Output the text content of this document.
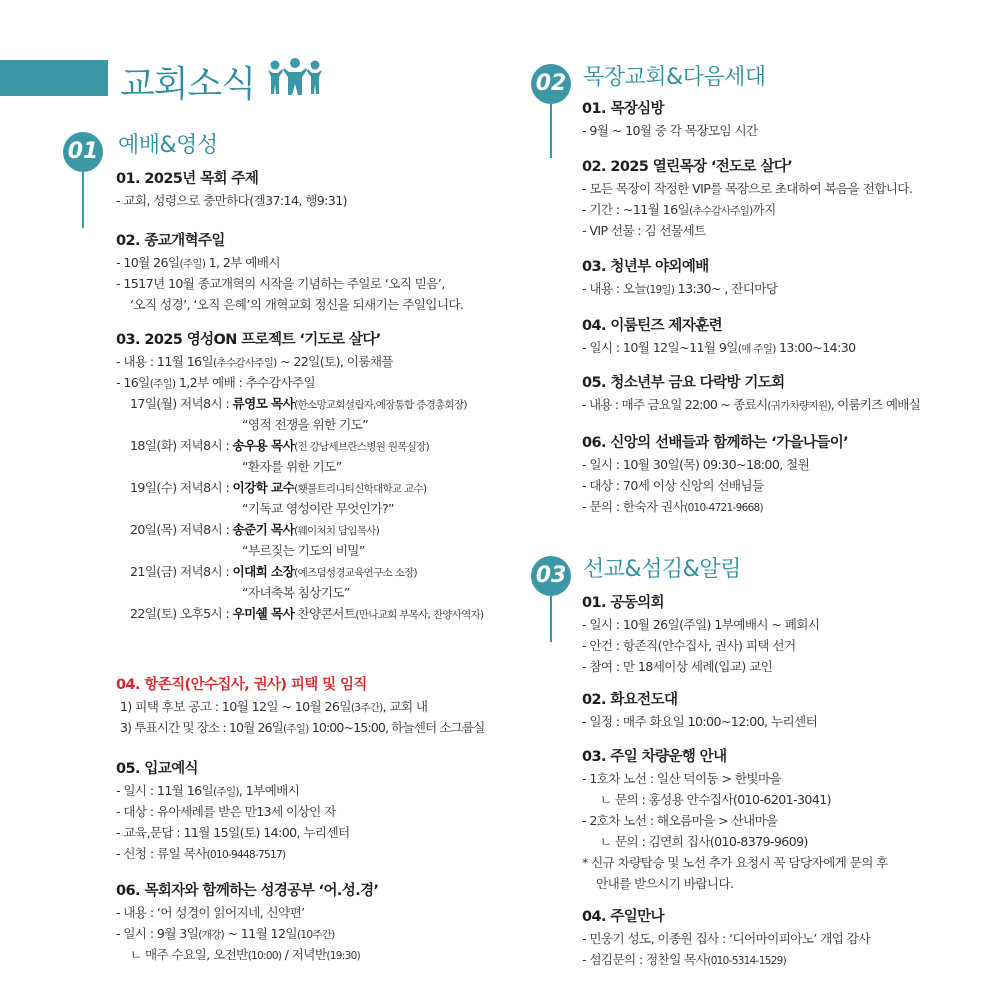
교회소식
01 예배&영성
01. 2025년 목회 주제
- 교회, 성령으로 충만하다(겔37:14, 행9:31)
02. 종교개혁주일
- 10월 26일(주일) 1, 2부 예배시
- 1517년 10월 종교개혁의 시작을 기념하는 주일로 ‘오직 믿음’,
‘오직 성경’, ‘오직 은혜’의 개혁교회 정신을 되새기는 주일입니다.
03. 2025 영성ON 프로젝트 ‘기도로 살다’
- 내용 : 11월 16일(추수감사주일) ~ 22일(토), 이룸채플
- 16일(주일) 1,2부 예배 : 추수감사주일
17일(월) 저녁8시 : 류영모 목사(한소망교회설립자,예장통합 증경총회장)
“영적 전쟁을 위한 기도”
18일(화) 저녁8시 : 송우용 목사(전 강남세브란스병원 원목실장)
“환자를 위한 기도”
19일(수) 저녁8시 : 이강학 교수(횃불트리니티신학대학교 교수)
“기독교 영성이란 무엇인가?”
20일(목) 저녁8시 : 송준기 목사(웨이처치 담임목사)
“부르짖는 기도의 비밀”
21일(금) 저녁8시 : 이대희 소장(예즈덤성경교육연구소 소장)
“자녀축복 침상기도”
22일(토) 오후5시 : 우미쉘 목사 찬양콘서트(만나교회 부목사, 찬양사역자)
04. 항존직(안수집사, 권사) 피택 및 임직
1) 피택 후보 공고 : 10월 12일 ~ 10월 26일(3주간), 교회 내
3) 투표시간 및 장소 : 10월 26일(주일) 10:00~15:00, 하늘센터 소그룹실
05. 입교예식
- 일시 : 11월 16일(주일), 1부예배시
- 대상 : 유아세례를 받은 만13세 이상인 자
- 교육,문답 : 11월 15일(토) 14:00, 누리센터
- 신청 : 류일 목사(010-9448-7517)
06. 목회자와 함께하는 성경공부 ‘어.성.경’
- 내용 : ‘어 성경이 읽어지네, 신약편’
- 일시 : 9월 3일(개강) ~ 11월 12일(10주간)
ㄴ 매주 수요일, 오전반(10:00) / 저녁반(19:30)
02 목장교회&다음세대
01. 목장심방
- 9월 ~ 10월 중 각 목장모임 시간
02. 2025 열린목장 ‘전도로 살다’
- 모든 목장이 작정한 VIP를 목장으로 초대하여 복음을 전합니다.
- 기간 : ~11월 16일(추수감사주일)까지
- VIP 선물 : 김 선물세트
03. 청년부 야외예배
- 내용 : 오늘(19일) 13:30~ , 잔디마당
04. 이룸틴즈 제자훈련
- 일시 : 10월 12일~11월 9일(매 주일) 13:00~14:30
05. 청소년부 금요 다락방 기도회
- 내용 : 매주 금요일 22:00 ~ 종료시(귀가차량지원), 이룸키즈 예배실
06. 신앙의 선배들과 함께하는 ‘가을나들이’
- 일시 : 10월 30일(목) 09:30~18:00, 철원
- 대상 : 70세 이상 신앙의 선배님들
- 문의 : 한숙자 권사(010-4721-9668)
03 선교&섬김&알림
01. 공동의회
- 일시 : 10월 26일(주일) 1부예배시 ~ 폐회시
- 안건 : 항존직(안수집사, 권사) 피택 선거
- 참여 : 만 18세이상 세례(입교) 교인
02. 화요전도대
- 일정 : 매주 화요일 10:00~12:00, 누리센터
03. 주일 차량운행 안내
- 1호차 노선 : 일산 덕이동 > 한빛마을
ㄴ 문의 : 홍성용 안수집사(010-6201-3041)
- 2호차 노선 : 해오름마을 > 산내마을
ㄴ 문의 : 김연희 집사(010-8379-9609)
* 신규 차량탑승 및 노선 추가 요청시 꼭 담당자에게 문의 후
안내를 받으시기 바랍니다.
04. 주일만나
- 민웅기 성도, 이종원 집사 : ‘디어마이피아노’ 개업 감사
- 섬김문의 : 정찬일 목사(010-5314-1529)
